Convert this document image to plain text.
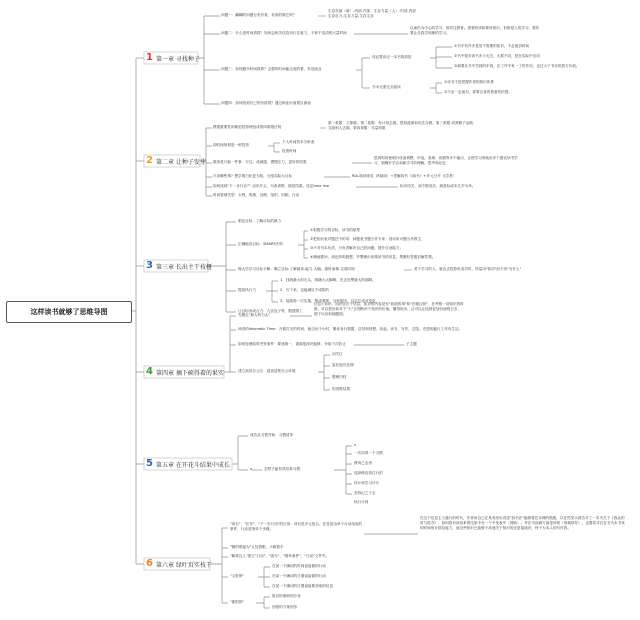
这样读书就够了思维导图
1 第一章 寻找种子
2 第二章 让种子发芽
3 第三章 长出主干枝桠
4 第四章 摘下硕得着的果实
5 第五章 在开花斗结果中成长
6 第六章 绿叶页实枝干
问题一：翻翻的问题分类有看，有害的候它吗？
生存在最（新）-内部-内部、生存力量（人）-内部-内部 生存自力-生存力量-生存生存
问题二：什么是时间真算？如何会相关信息用行注意力，不和不变清楚大量时间
以前仍为中心的学习，领导这教育。需要快读和要所知识，但都是人的学习。要作要让自我学和理的学习。
问题三：如何避开时间真算？会强的时间能边成的着，有连续业
适必要读完一本书的原因
①书中有许多是旧不需要的知识，不必逐页时间
②书中很多读书多少无关，大要不同，是在实际中应用
③那要从书中学到的东西，在工作中有一了的作用，也过大于书本的我方价值。
书本无需完全阅读
①读书不是把握作者的知识体系
②不必一必逐句，需要自身的着意依依强。
问题四：如何找到自己的价值观？通过职业价值观自测表
摸提重要性和紧迫性原理组成的四象限法则
第一象限：立即做。第二象限：有计划去做。很知道那和优先分做。第三象限 或滚额子运做，交给别人去做。第四象限：尽量别做
即时间规划是一种投资
个人时间资本分析表
投资时间
做读是只能一件事：专注。成就感，慢慢压力，更好的结果
很训则用使明行设备调整，甲选，表事，视频等多个输出，让使学习者就用多个感官读书学习，明确开学会和新学习收理解，思考和记忆
只读哪些事？想学明白化复为知，分组实际大目标	RIA-阅读体验（R阅读）+思解拆书（I拆书）+多元分开（J学者）
如何找到"下一步行动"？动识开头，为表请维，描述结果，设定time line	标识同关，而不做成后，就是标成本几岁为单。
时间管理类型：永程，收缩，处理，组织，回顾，行动
制定目标：了解目标的威力
正确地设目标：SMART法则
①积极学习的目标，读书的原型
②把知识表对题总中的词：问题表书题当作专家；因用来可题当作教生；
③不对书本负责，只负责解决自己的问题，提升自身能力；
④确他要问，到也转明阅想，并整理出来源读书的信息，集聚好答题后解答集。
像大学学习目标分解：确立目标-了解阅读-能力-大脑。缩时而像-完成时间	善于学习的人，就出去投影机成功时，所量用"如同"而不用"为什么"
提高执行力
1、找到最大的石头，明确大大脚啊，先去优擎最大的那啊。
2、写下来。也能满足不成阶的
3、接续第一次实施，集成系例，分析原因，以定位成对变化
让目标形成合力：九宫连子等，锻建图工
先搬走"最大的石头"
信息=知识，知识包含于信息，知识的内容是有"前面的事"和"在哪边呀"，在考察一项知识的时候，可以把用前对于"天"去判断该个知识的价值，懂得取舍，且可以让选择更加价值明日去，便于以出取缩题图。
神奇的Idiomatic Time：开做打完的时间，就边优个小时，搬来身行数据，总结和回想，高起，读书，写作，总阻。充您知能行工作有生活。
如何处理临时突发事件：要速第一，重做很深决能够，争取下次防止	子主题
建立高效办公区：创造清楚办公环境
闭关区
委托他们处理
整理归档
的进集结果
成功从习惯开始：习惯清单
x	怎样才能有效培养习惯：
x
一次培养一个习惯
教育己击者
选择像容易打行的
持计和学习计分
坚持记之下去
执行计到
"项目"、"任务"，"下一步行动"的区别：项目是多元组合，任务是由单个行动组成的事件，行动是指单个步骤。
在这个信息主义盛行的时代，作者用自己在具有经历讲述"拆书法"能够将任本理的绝版，以在然发示被告对了一本书关于《我众的时与进办》，如何将识读找来的比如中在一个中发表中（帮助）。并在书而做方阅是所领（领域领导），也要将寻自在书为本书来的时间形计群及能力，而这些知识已能够于高速关于知识的还更接续识，终于为本人的写作的。
"额的联接为"大处着眼，小做着手
"解将且人"建立"日动"，"委办"，"简单案件"，"白动"文件夹。
"文报审"
在某一个确切的时间直接做的行动
在某一个确切的日期直接做的行动
在某一个确切的日期直接要获取的信息
"都阳的"
组员的案职别办务
回报的方案别务
